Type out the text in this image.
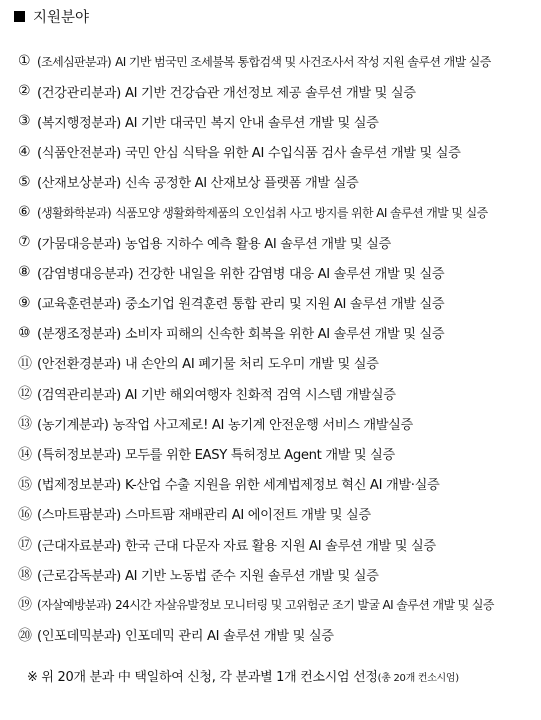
지원분야
① (조세심판분과) AI 기반 범국민 조세불복 통합검색 및 사건조사서 작성 지원 솔루션 개발 실증
② (건강관리분과) AI 기반 건강습관 개선정보 제공 솔루션 개발 및 실증
③ (복지행정분과) AI 기반 대국민 복지 안내 솔루션 개발 및 실증
④ (식품안전분과) 국민 안심 식탁을 위한 AI 수입식품 검사 솔루션 개발 및 실증
⑤ (산재보상분과) 신속 공정한 AI 산재보상 플랫폼 개발 실증
⑥ (생활화학분과) 식품모양 생활화학제품의 오인섭취 사고 방지를 위한 AI 솔루션 개발 및 실증
⑦ (가뭄대응분과) 농업용 지하수 예측 활용 AI 솔루션 개발 및 실증
⑧ (감염병대응분과) 건강한 내일을 위한 감염병 대응 AI 솔루션 개발 및 실증
⑨ (교육훈련분과) 중소기업 원격훈련 통합 관리 및 지원 AI 솔루션 개발 실증
⑩ (분쟁조정분과) 소비자 피해의 신속한 회복을 위한 AI 솔루션 개발 및 실증
⑪ (안전환경분과) 내 손안의 AI 폐기물 처리 도우미 개발 및 실증
⑫ (검역관리분과) AI 기반 해외여행자 친화적 검역 시스템 개발실증
⑬ (농기계분과) 농작업 사고제로! AI 농기계 안전운행 서비스 개발실증
⑭ (특허정보분과) 모두를 위한 EASY 특허정보 Agent 개발 및 실증
⑮ (법제정보분과) K-산업 수출 지원을 위한 세계법제정보 혁신 AI 개발·실증
⑯ (스마트팜분과) 스마트팜 재배관리 AI 에이전트 개발 및 실증
⑰ (근대자료분과) 한국 근대 다문자 자료 활용 지원 AI 솔루션 개발 및 실증
⑱ (근로감독분과) AI 기반 노동법 준수 지원 솔루션 개발 및 실증
⑲ (자살예방분과) 24시간 자살유발정보 모니터링 및 고위험군 조기 발굴 AI 솔루션 개발 및 실증
⑳ (인포데믹분과) 인포데믹 관리 AI 솔루션 개발 및 실증
※ 위 20개 분과 中 택일하여 신청, 각 분과별 1개 컨소시엄 선정(총 20개 컨소시엄)
